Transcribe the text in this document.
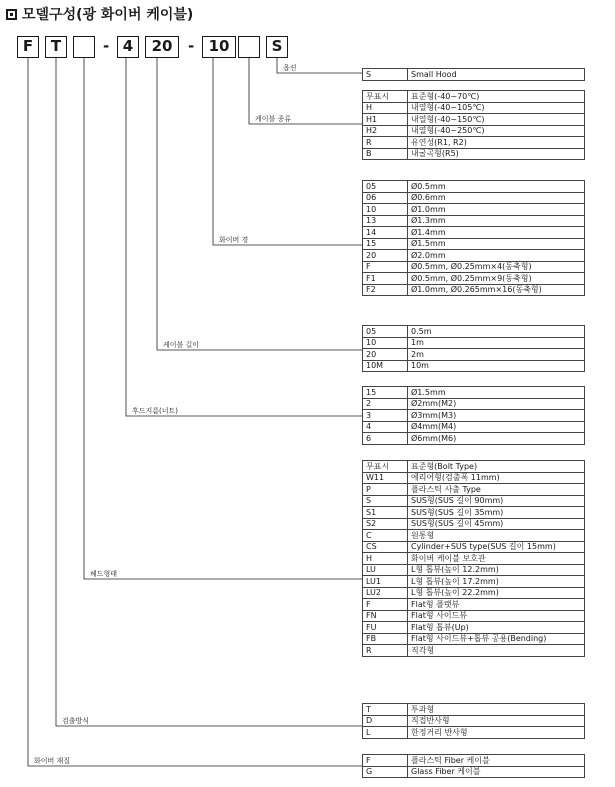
모델구성(광 화이버 케이블)
F	T	- 4	20	- 10	S
옵션
케이블 종류
화이버 경
케이블 길이
후드지름(너트)
헤드형태
검출방식
화이버 재질
S	Small Hood
무표시	표준형(-40~70℃)
H	내열형(-40~105℃)
H1	내열형(-40~150℃)
H2	내열형(-40~250℃)
R	유연성(R1, R2)
B	내굴곡형(R5)
05	Ø0.5mm
06	Ø0.6mm
10	Ø1.0mm
13	Ø1.3mm
14	Ø1.4mm
15	Ø1.5mm
20	Ø2.0mm
F	Ø0.5mm, Ø0.25mm×4(동축형)
F1	Ø0.5mm, Ø0.25mm×9(동축형)
F2	Ø1.0mm, Ø0.265mm×16(동축형)
05	0.5m
10	1m
20	2m
10M	10m
15	Ø1.5mm
2	Ø2mm(M2)
3	Ø3mm(M3)
4	Ø4mm(M4)
6	Ø6mm(M6)
무표시	표준형(Bolt Type)
W11	에리어형(검출폭 11mm)
P	플라스틱 사출 Type
S	SUS형(SUS 길이 90mm)
S1	SUS형(SUS 길이 35mm)
S2	SUS형(SUS 길이 45mm)
C	원통형
CS	Cylinder+SUS type(SUS 길이 15mm)
H	화이버 케이블 보호관
LU	L형 톱뷰(높이 12.2mm)
LU1	L형 톱뷰(높이 17.2mm)
LU2	L형 톱뷰(높이 22.2mm)
F	Flat형 플랫뷰
FN	Flat형 사이드뷰
FU	Flat형 톱뷰(Up)
FB	Flat형 사이드뷰+톱뷰 공용(Bending)
R	직각형
T	투과형
D	직접반사형
L	한정거리 반사형
F	플라스틱 Fiber 케이블
G	Glass Fiber 케이블
